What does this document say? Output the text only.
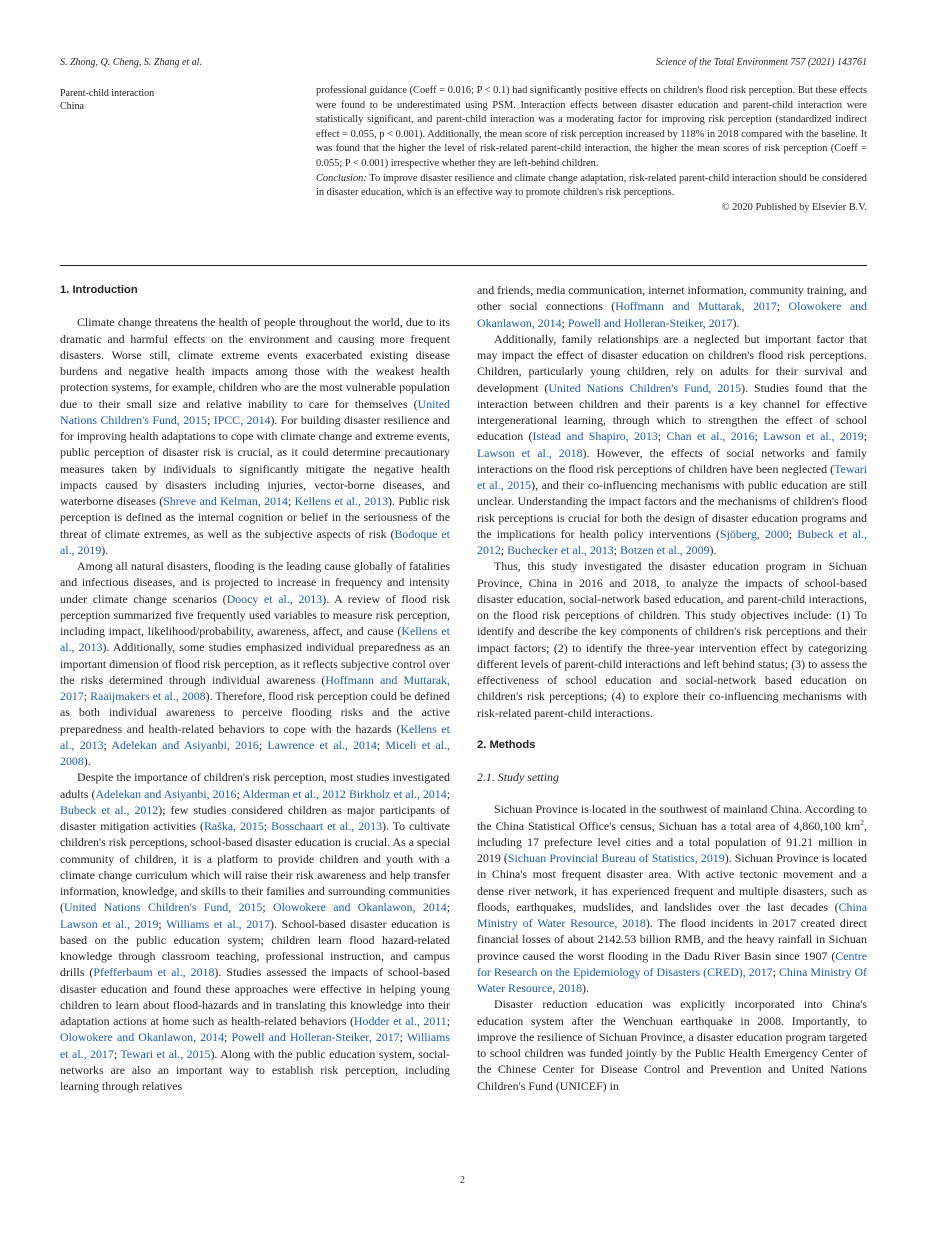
S. Zhong, Q. Cheng, S. Zhang et al.	Science of the Total Environment 757 (2021) 143761
Parent-child interaction
China

professional guidance (Coeff = 0.016; P < 0.1) had significantly positive effects on children's flood risk perception. But these effects were found to be underestimated using PSM. Interaction effects between disaster education and parent-child interaction were statistically significant, and parent-child interaction was a moderating factor for improving risk perception (standardized indirect effect = 0.055, p < 0.001). Additionally, the mean score of risk perception increased by 118% in 2018 compared with the baseline. It was found that the higher the level of risk-related parent-child interaction, the higher the mean scores of risk perception (Coeff = 0.055; P < 0.001) irrespective whether they are left-behind children.

Conclusion: To improve disaster resilience and climate change adaptation, risk-related parent-child interaction should be considered in disaster education, which is an effective way to promote children's risk perceptions.

© 2020 Published by Elsevier B.V.

1. Introduction

Climate change threatens the health of people throughout the world, due to its dramatic and harmful effects on the environment and causing more frequent disasters. Worse still, climate extreme events exacerbated existing disease burdens and negative health impacts among those with the weakest health protection systems, for example, children who are the most vulnerable population due to their small size and relative inability to care for themselves (United Nations Children's Fund, 2015; IPCC, 2014). For building disaster resilience and for improving health adaptations to cope with climate change and extreme events, public perception of disaster risk is crucial, as it could determine precautionary measures taken by individuals to significantly mitigate the negative health impacts caused by disasters including injuries, vector-borne diseases, and waterborne diseases (Shreve and Kelman, 2014; Kellens et al., 2013). Public risk perception is defined as the internal cognition or belief in the seriousness of the threat of climate extremes, as well as the subjective aspects of risk (Bodoque et al., 2019).

Among all natural disasters, flooding is the leading cause globally of fatalities and infectious diseases, and is projected to increase in frequency and intensity under climate change scenarios (Doocy et al., 2013). A review of flood risk perception summarized five frequently used variables to measure risk perception, including impact, likelihood/probability, awareness, affect, and cause (Kellens et al., 2013). Additionally, some studies emphasized individual preparedness as an important dimension of flood risk perception, as it reflects subjective control over the risks determined through individual awareness (Hoffmann and Muttarak, 2017; Raaijmakers et al., 2008). Therefore, flood risk perception could be defined as both individual awareness to perceive flooding risks and the active preparedness and health-related behaviors to cope with the hazards (Kellens et al., 2013; Adelekan and Asiyanbi, 2016; Lawrence et al., 2014; Miceli et al., 2008).

Despite the importance of children's risk perception, most studies investigated adults (Adelekan and Asiyanbi, 2016; Alderman et al., 2012 Birkholz et al., 2014; Bubeck et al., 2012); few studies considered children as major participants of disaster mitigation activities (Raška, 2015; Bosschaart et al., 2013). To cultivate children's risk perceptions, school-based disaster education is crucial. As a special community of children, it is a platform to provide children and youth with a climate change curriculum which will raise their risk awareness and help transfer information, knowledge, and skills to their families and surrounding communities (United Nations Children's Fund, 2015; Olowokere and Okanlawon, 2014; Lawson et al., 2019; Williams et al., 2017). School-based disaster education is based on the public education system; children learn flood hazard-related knowledge through classroom teaching, professional instruction, and campus drills (Pfefferbaum et al., 2018). Studies assessed the impacts of school-based disaster education and found these approaches were effective in helping young children to learn about flood-hazards and in translating this knowledge into their adaptation actions at home such as health-related behaviors (Hodder et al., 2011; Olowokere and Okanlawon, 2014; Powell and Holleran-Steiker, 2017; Williams et al., 2017; Tewari et al., 2015). Along with the public education system, social-networks are also an important way to establish risk perception, including learning through relatives

and friends, media communication, internet information, community training, and other social connections (Hoffmann and Muttarak, 2017; Olowokere and Okanlawon, 2014; Powell and Holleran-Steiker, 2017).

Additionally, family relationships are a neglected but important factor that may impact the effect of disaster education on children's flood risk perceptions. Children, particularly young children, rely on adults for their survival and development (United Nations Children's Fund, 2015). Studies found that the interaction between children and their parents is a key channel for effective intergenerational learning, through which to strengthen the effect of school education (Istead and Shapiro, 2013; Chan et al., 2016; Lawson et al., 2019; Lawson et al., 2018). However, the effects of social networks and family interactions on the flood risk perceptions of children have been neglected (Tewari et al., 2015), and their co-influencing mechanisms with public education are still unclear. Understanding the impact factors and the mechanisms of children's flood risk perceptions is crucial for both the design of disaster education programs and the implications for health policy interventions (Sjöberg, 2000; Bubeck et al., 2012; Buchecker et al., 2013; Botzen et al., 2009).

Thus, this study investigated the disaster education program in Sichuan Province, China in 2016 and 2018, to analyze the impacts of school-based disaster education, social-network based education, and parent-child interactions, on the flood risk perceptions of children. This study objectives include: (1) To identify and describe the key components of children's risk perceptions and their impact factors; (2) to identify the three-year intervention effect by categorizing different levels of parent-child interactions and left behind status; (3) to assess the effectiveness of school education and social-network based education on children's risk perceptions; (4) to explore their co-influencing mechanisms with risk-related parent-child interactions.

2. Methods
2.1. Study setting

Sichuan Province is located in the southwest of mainland China. According to the China Statistical Office's census, Sichuan has a total area of 4,860,100 $km^2$, including 17 prefecture level cities and a total population of 91.21 million in 2019 (Sichuan Provincial Bureau of Statistics, 2019). Sichuan Province is located in China's most frequent disaster area. With active tectonic movement and a dense river network, it has experienced frequent and multiple disasters, such as floods, earthquakes, mudslides, and landslides over the last decades (China Ministry of Water Resource, 2018). The flood incidents in 2017 created direct financial losses of about 2142.53 billion RMB, and the heavy rainfall in Sichuan province caused the worst flooding in the Dadu River Basin since 1907 (Centre for Research on the Epidemiology of Disasters (CRED), 2017; China Ministry Of Water Resource, 2018).

Disaster reduction education was explicitly incorporated into China's education system after the Wenchuan earthquake in 2008. Importantly, to improve the resilience of Sichuan Province, a disaster education program targeted to school children was funded jointly by the Public Health Emergency Center of the Chinese Center for Disease Control and Prevention and United Nations Children's Fund (UNICEF) in

2
